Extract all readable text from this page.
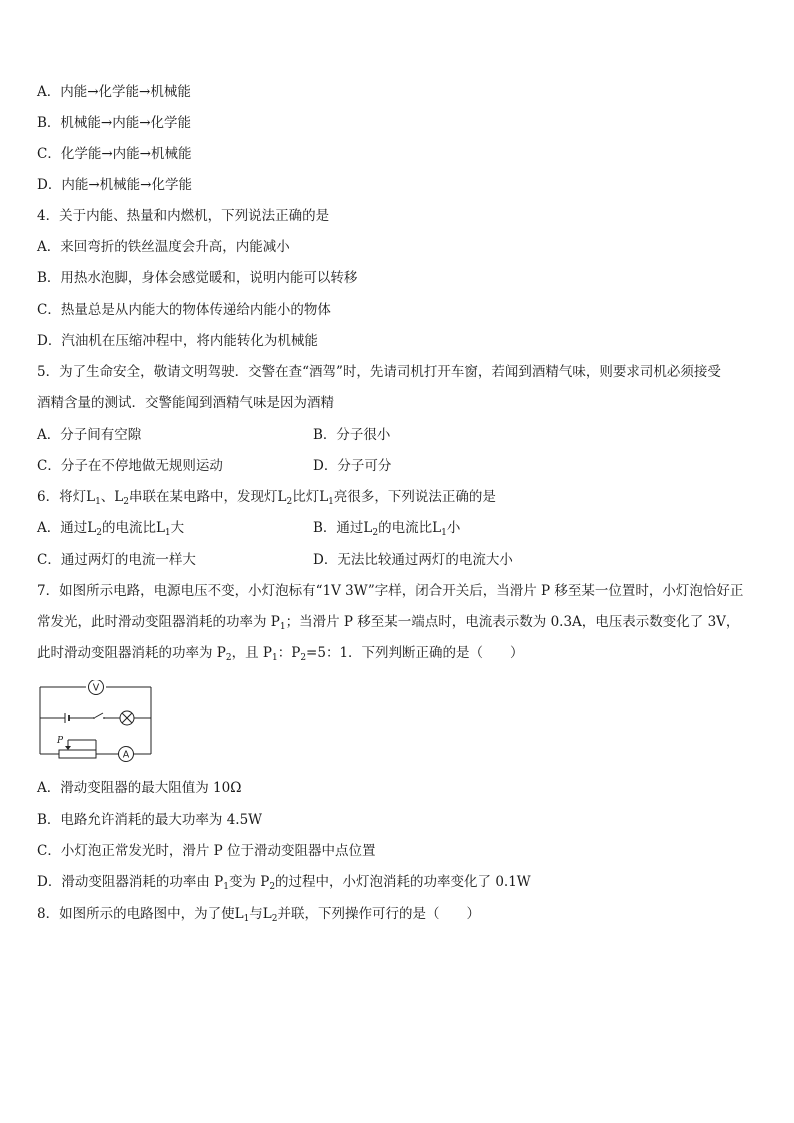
A．内能→化学能→机械能
B．机械能→内能→化学能
C．化学能→内能→机械能
D．内能→机械能→化学能
4．关于内能、热量和内燃机，下列说法正确的是
A．来回弯折的铁丝温度会升高，内能减小
B．用热水泡脚，身体会感觉暖和，说明内能可以转移
C．热量总是从内能大的物体传递给内能小的物体
D．汽油机在压缩冲程中，将内能转化为机械能
5．为了生命安全，敬请文明驾驶．交警在查“酒驾”时，先请司机打开车窗，若闻到酒精气味，则要求司机必须接受
酒精含量的测试．交警能闻到酒精气味是因为酒精
A．分子间有空隙	B．分子很小
C．分子在不停地做无规则运动	D．分子可分
6．将灯$L_1$、$L_2$串联在某电路中，发现灯$L_2$比灯$L_1$亮很多，下列说法正确的是
A．通过$L_2$的电流比$L_1$大	B．通过$L_2$的电流比$L_1$小
C．通过两灯的电流一样大	D．无法比较通过两灯的电流大小
7．如图所示电路，电源电压不变，小灯泡标有“1V 3W”字样，闭合开关后，当滑片 P 移至某一位置时，小灯泡恰好正
常发光，此时滑动变阻器消耗的功率为 $P_1$；当滑片 P 移至某一端点时，电流表示数为 0.3A，电压表示数变化了 3V，
此时滑动变阻器消耗的功率为 $P_2$，且 $P_1$：$P_2=5$：1．下列判断正确的是（　　）
V
P
A
A．滑动变阻器的最大阻值为 10Ω
B．电路允许消耗的最大功率为 4.5W
C．小灯泡正常发光时，滑片 P 位于滑动变阻器中点位置
D．滑动变阻器消耗的功率由 $P_1$变为 $P_2$的过程中，小灯泡消耗的功率变化了 0.1W
8．如图所示的电路图中，为了使$L_1$与$L_2$并联，下列操作可行的是（　　）
